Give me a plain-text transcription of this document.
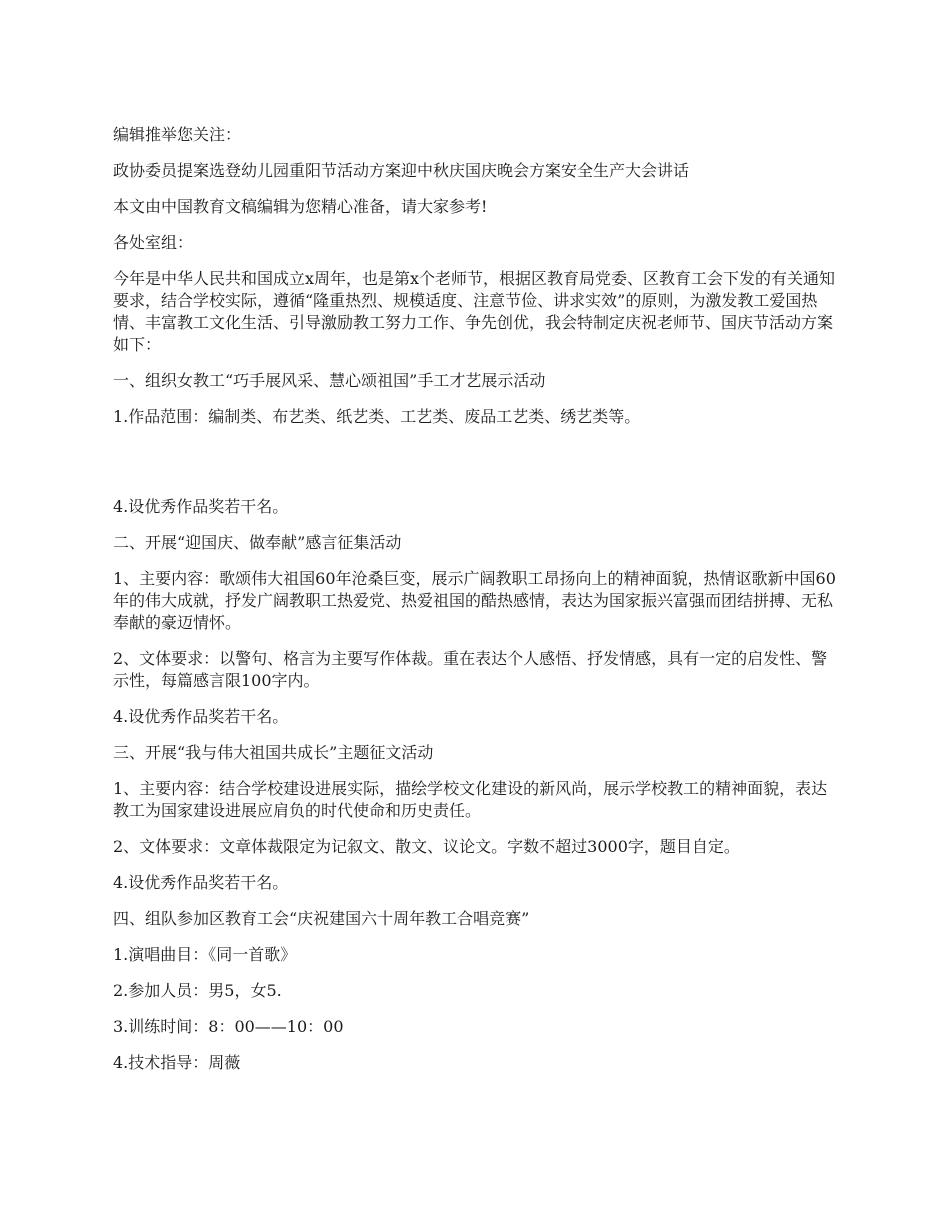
编辑推举您关注：

政协委员提案选登幼儿园重阳节活动方案迎中秋庆国庆晚会方案安全生产大会讲话

本文由中国教育文稿编辑为您精心准备，请大家参考!

各处室组：

今年是中华人民共和国成立x周年，也是第x个老师节，根据区教育局党委、区教育工会下发的有关通知要求，结合学校实际，遵循“隆重热烈、规模适度、注意节俭、讲求实效”的原则，为激发教工爱国热情、丰富教工文化生活、引导激励教工努力工作、争先创优，我会特制定庆祝老师节、国庆节活动方案如下：

一、组织女教工“巧手展风采、慧心颂祖国”手工才艺展示活动

1.作品范围：编制类、布艺类、纸艺类、工艺类、废品工艺类、绣艺类等。

4.设优秀作品奖若干名。

二、开展“迎国庆、做奉献”感言征集活动

1、主要内容：歌颂伟大祖国60年沧桑巨变，展示广阔教职工昂扬向上的精神面貌，热情讴歌新中国60年的伟大成就，抒发广阔教职工热爱党、热爱祖国的酷热感情，表达为国家振兴富强而团结拼搏、无私奉献的豪迈情怀。

2、文体要求：以警句、格言为主要写作体裁。重在表达个人感悟、抒发情感，具有一定的启发性、警示性，每篇感言限100字内。

4.设优秀作品奖若干名。

三、开展“我与伟大祖国共成长”主题征文活动

1、主要内容：结合学校建设进展实际，描绘学校文化建设的新风尚，展示学校教工的精神面貌，表达教工为国家建设进展应肩负的时代使命和历史责任。

2、文体要求：文章体裁限定为记叙文、散文、议论文。字数不超过3000字，题目自定。

4.设优秀作品奖若干名。

四、组队参加区教育工会“庆祝建国六十周年教工合唱竞赛”

1.演唱曲目：《同一首歌》

2.参加人员：男5，女5.

3.训练时间：8：00——10：00

4.技术指导：周薇
